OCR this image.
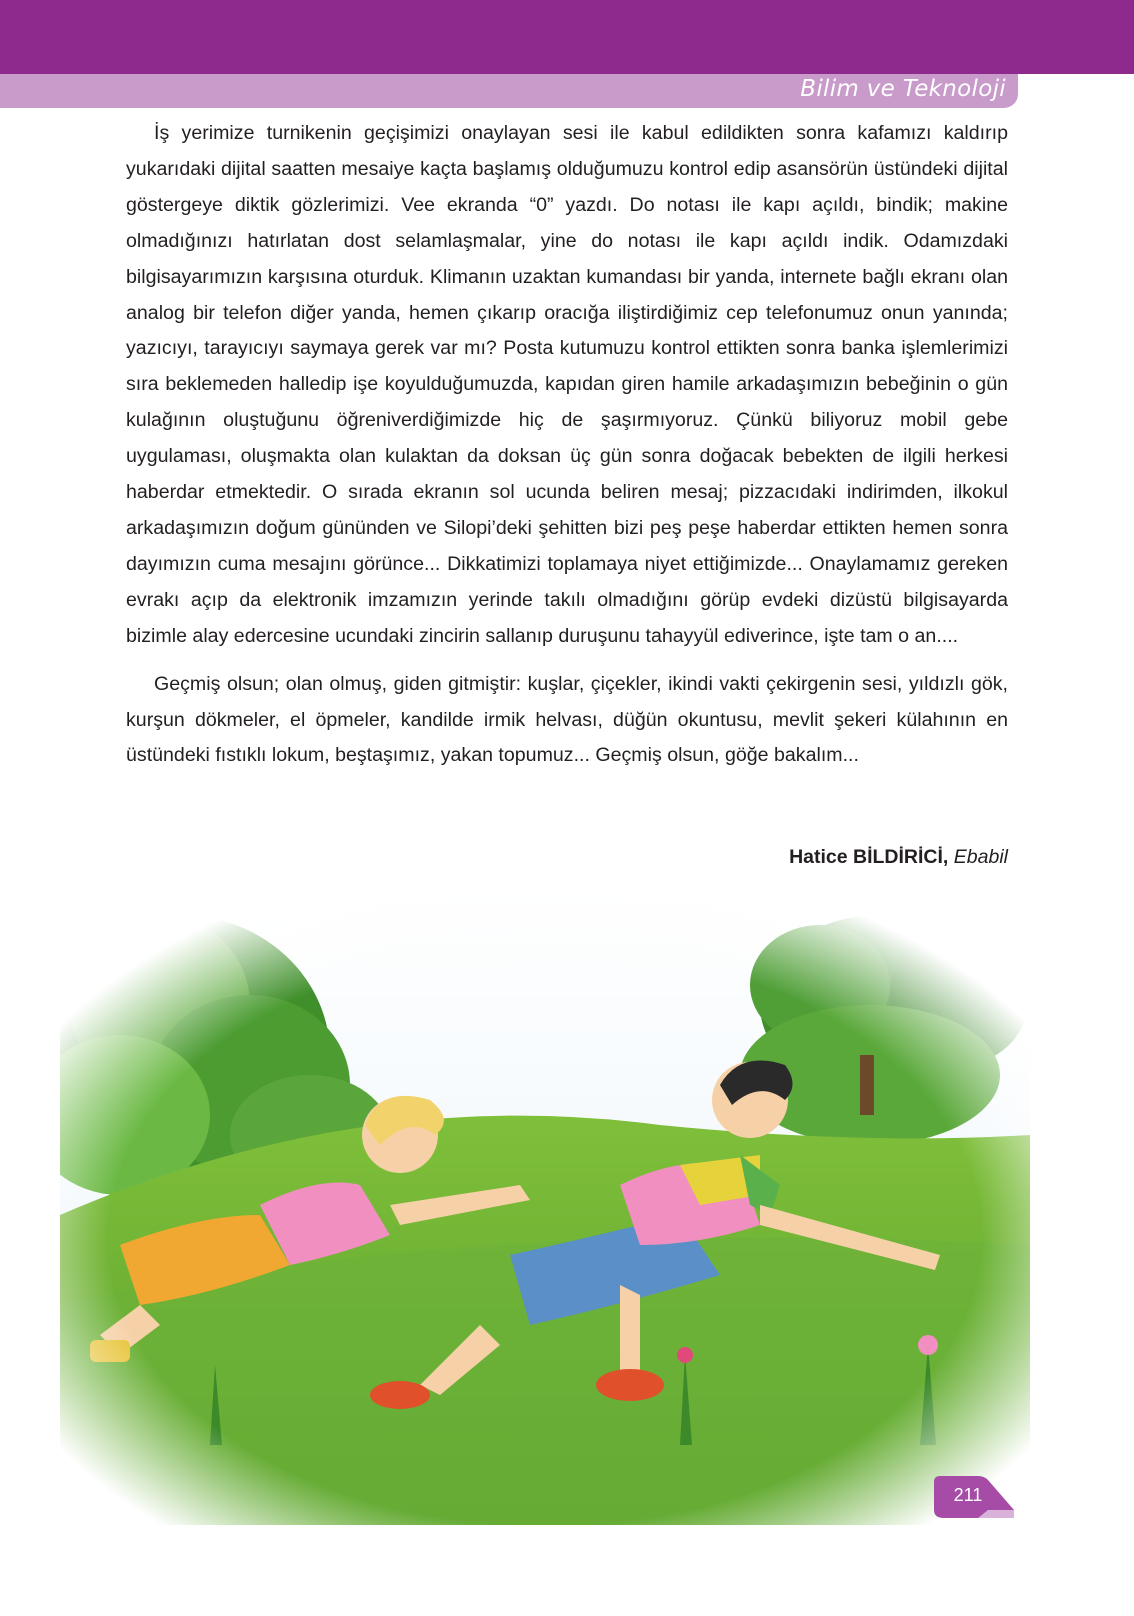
Bilim ve Teknoloji

İş yerimize turnikenin geçişimizi onaylayan sesi ile kabul edildikten sonra kafamızı kaldırıp yukarıdaki dijital saatten mesaiye kaçta başlamış olduğumuzu kontrol edip asansörün üstündeki dijital göstergeye diktik gözlerimizi. Vee ekranda “0” yazdı. Do notası ile kapı açıldı, bindik; makine olmadığınızı hatırlatan dost selamlaşmalar, yine do notası ile kapı açıldı indik. Odamızdaki bilgisayarımızın karşısına oturduk. Klimanın uzaktan kumandası bir yanda, internete bağlı ekranı olan analog bir telefon diğer yanda, hemen çıkarıp oracığa iliştirdiğimiz cep telefonumuz onun yanında; yazıcıyı, tarayıcıyı saymaya gerek var mı? Posta kutumuzu kontrol ettikten sonra banka işlemlerimizi sıra beklemeden halledip işe koyulduğumuzda, kapıdan giren hamile arkadaşımızın bebeğinin o gün kulağının oluştuğunu öğreniverdiğimizde hiç de şaşırmıyoruz. Çünkü biliyoruz mobil gebe uygulaması, oluşmakta olan kulaktan da doksan üç gün sonra doğacak bebekten de ilgili herkesi haberdar etmektedir. O sırada ekranın sol ucunda beliren mesaj; pizzacıdaki indirimden, ilkokul arkadaşımızın doğum gününden ve Silopi’deki şehitten bizi peş peşe haberdar ettikten hemen sonra dayımızın cuma mesajını görünce... Dikkatimizi toplamaya niyet ettiğimizde... Onaylamamız gereken evrakı açıp da elektronik imzamızın yerinde takılı olmadığını görüp evdeki dizüstü bilgisayarda bizimle alay edercesine ucundaki zincirin sallanıp duruşunu tahayyül ediverince, işte tam o an....

Geçmiş olsun; olan olmuş, giden gitmiştir: kuşlar, çiçekler, ikindi vakti çekirgenin sesi, yıldızlı gök, kurşun dökmeler, el öpmeler, kandilde irmik helvası, düğün okuntusu, mevlit şekeri külahının en üstündeki fıstıklı lokum, beştaşımız, yakan topumuz... Geçmiş olsun, göğe bakalım...

Hatice BİLDİRİCİ, Ebabil
211
